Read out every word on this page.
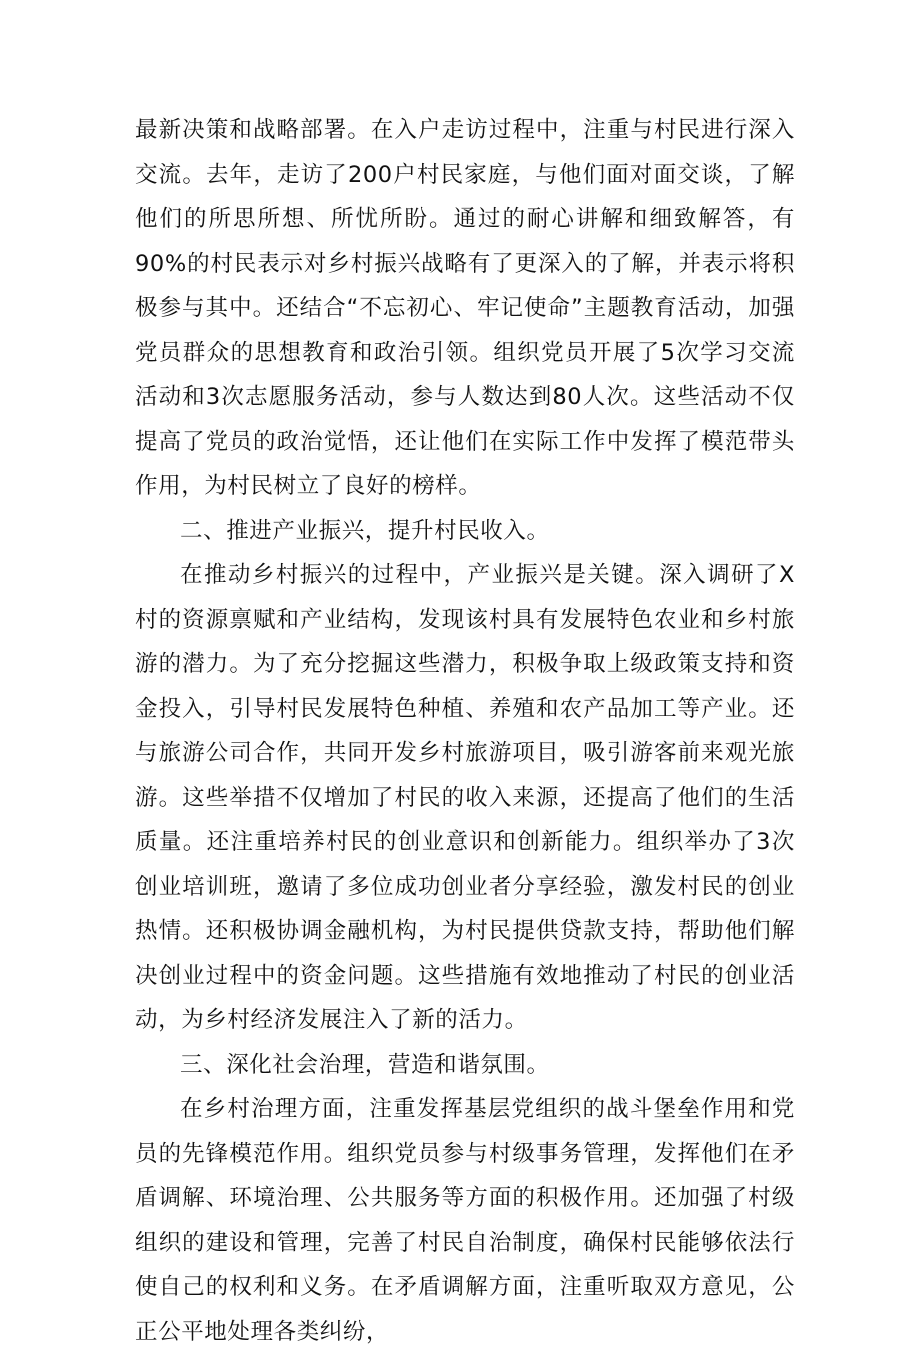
最新决策和战略部署。在入户走访过程中，注重与村民进行深入交流。去年，走访了200户村民家庭，与他们面对面交谈，了解他们的所思所想、所忧所盼。通过的耐心讲解和细致解答，有90%的村民表示对乡村振兴战略有了更深入的了解，并表示将积极参与其中。还结合“不忘初心、牢记使命”主题教育活动，加强党员群众的思想教育和政治引领。组织党员开展了5次学习交流活动和3次志愿服务活动，参与人数达到80人次。这些活动不仅提高了党员的政治觉悟，还让他们在实际工作中发挥了模范带头作用，为村民树立了良好的榜样。

二、推进产业振兴，提升村民收入。

在推动乡村振兴的过程中，产业振兴是关键。深入调研了X村的资源禀赋和产业结构，发现该村具有发展特色农业和乡村旅游的潜力。为了充分挖掘这些潜力，积极争取上级政策支持和资金投入，引导村民发展特色种植、养殖和农产品加工等产业。还与旅游公司合作，共同开发乡村旅游项目，吸引游客前来观光旅游。这些举措不仅增加了村民的收入来源，还提高了他们的生活质量。还注重培养村民的创业意识和创新能力。组织举办了3次创业培训班，邀请了多位成功创业者分享经验，激发村民的创业热情。还积极协调金融机构，为村民提供贷款支持，帮助他们解决创业过程中的资金问题。这些措施有效地推动了村民的创业活动，为乡村经济发展注入了新的活力。

三、深化社会治理，营造和谐氛围。

在乡村治理方面，注重发挥基层党组织的战斗堡垒作用和党员的先锋模范作用。组织党员参与村级事务管理，发挥他们在矛盾调解、环境治理、公共服务等方面的积极作用。还加强了村级组织的建设和管理，完善了村民自治制度，确保村民能够依法行使自己的权利和义务。在矛盾调解方面，注重听取双方意见，公正公平地处理各类纠纷，
